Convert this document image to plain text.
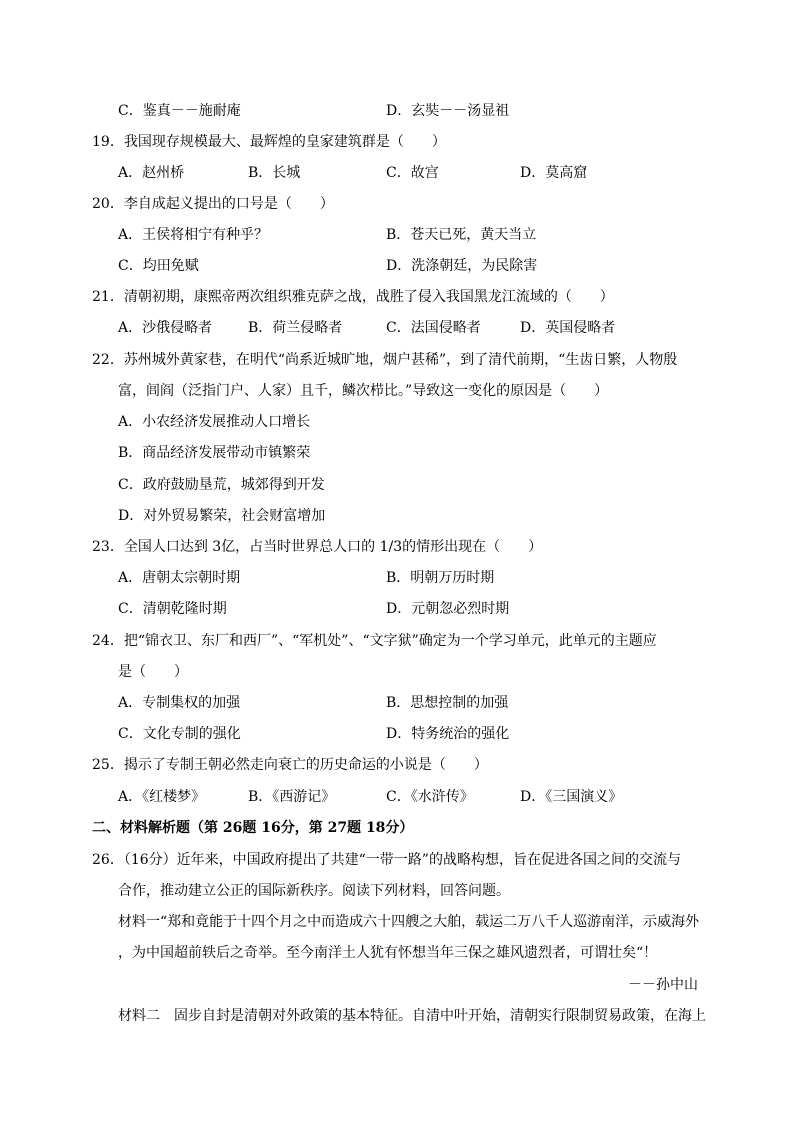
C．鉴真－－施耐庵	D．玄奘－－汤显祖
19．我国现存规模最大、最辉煌的皇家建筑群是（　　）
A．赵州桥	B．长城	C．故宫	D．莫高窟
20．李自成起义提出的口号是（　　）
A．王侯将相宁有种乎？	B．苍天已死，黄天当立
C．均田免赋	D．洗涤朝廷，为民除害
21．清朝初期，康熙帝两次组织雅克萨之战，战胜了侵入我国黑龙江流域的（　　）
A．沙俄侵略者	B．荷兰侵略者	C．法国侵略者	D．英国侵略者
22．苏州城外黄家巷，在明代“尚系近城旷地，烟户甚稀”，到了清代前期，“生齿日繁，人物殷
富，闾阎（泛指门户、人家）且千，鳞次栉比。”导致这一变化的原因是（　　）
A．小农经济发展推动人口增长
B．商品经济发展带动市镇繁荣
C．政府鼓励垦荒，城郊得到开发
D．对外贸易繁荣，社会财富增加
23．全国人口达到 3亿，占当时世界总人口的 1/3的情形出现在（　　）
A．唐朝太宗朝时期	B．明朝万历时期
C．清朝乾隆时期	D．元朝忽必烈时期
24．把“锦衣卫、东厂和西厂”、“军机处”、“文字狱”确定为一个学习单元，此单元的主题应
是（　　）
A．专制集权的加强	B．思想控制的加强
C．文化专制的强化	D．特务统治的强化
25．揭示了专制王朝必然走向衰亡的历史命运的小说是（　　）
A．《红楼梦》	B．《西游记》	C．《水浒传》	D．《三国演义》
二、材料解析题（第 26题 16分，第 27题 18分）
26．（16分）近年来，中国政府提出了共建“一带一路”的战略构想，旨在促进各国之间的交流与
合作，推动建立公正的国际新秩序。阅读下列材料，回答问题。
材料一“郑和竟能于十四个月之中而造成六十四艘之大舶，载运二万八千人巡游南洋，示威海外
，为中国超前轶后之奇举。至今南洋土人犹有怀想当年三保之雄风遗烈者，可谓壮矣“！
－－孙中山
材料二　固步自封是清朝对外政策的基本特征。自清中叶开始，清朝实行限制贸易政策，在海上
